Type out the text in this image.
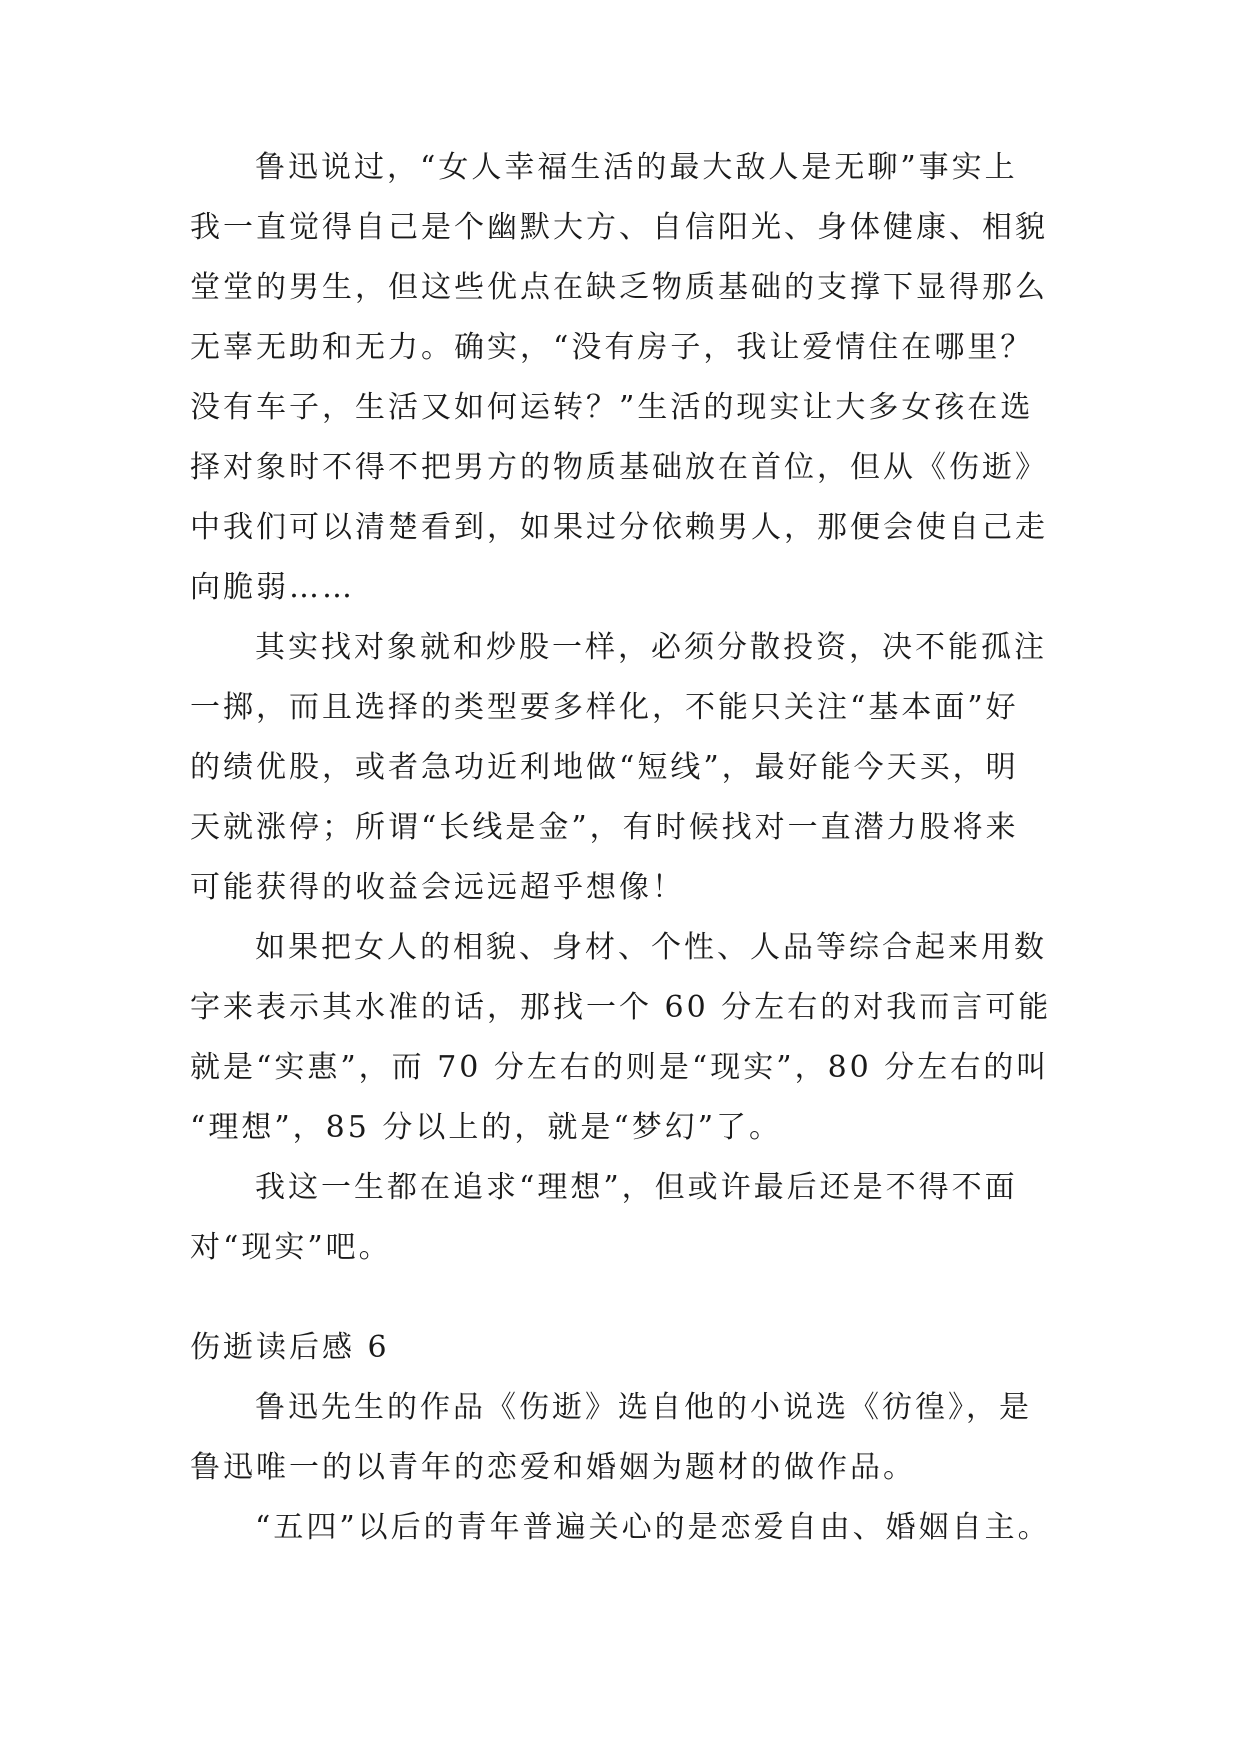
鲁迅说过，“女人幸福生活的最大敌人是无聊”事实上
我一直觉得自己是个幽默大方、自信阳光、身体健康、相貌
堂堂的男生，但这些优点在缺乏物质基础的支撑下显得那么
无辜无助和无力。确实，“没有房子，我让爱情住在哪里？
没有车子，生活又如何运转？”生活的现实让大多女孩在选
择对象时不得不把男方的物质基础放在首位，但从《伤逝》
中我们可以清楚看到，如果过分依赖男人，那便会使自己走
向脆弱……
其实找对象就和炒股一样，必须分散投资，决不能孤注
一掷，而且选择的类型要多样化，不能只关注“基本面”好
的绩优股，或者急功近利地做“短线”，最好能今天买，明
天就涨停；所谓“长线是金”，有时候找对一直潜力股将来
可能获得的收益会远远超乎想像！
如果把女人的相貌、身材、个性、人品等综合起来用数
字来表示其水准的话，那找一个 60 分左右的对我而言可能
就是“实惠”，而 70 分左右的则是“现实”，80 分左右的叫
“理想”，85 分以上的，就是“梦幻”了。
我这一生都在追求“理想”，但或许最后还是不得不面
对“现实”吧。
伤逝读后感 6
鲁迅先生的作品《伤逝》选自他的小说选《彷徨》，是
鲁迅唯一的以青年的恋爱和婚姻为题材的做作品。
“五四”以后的青年普遍关心的是恋爱自由、婚姻自主。
